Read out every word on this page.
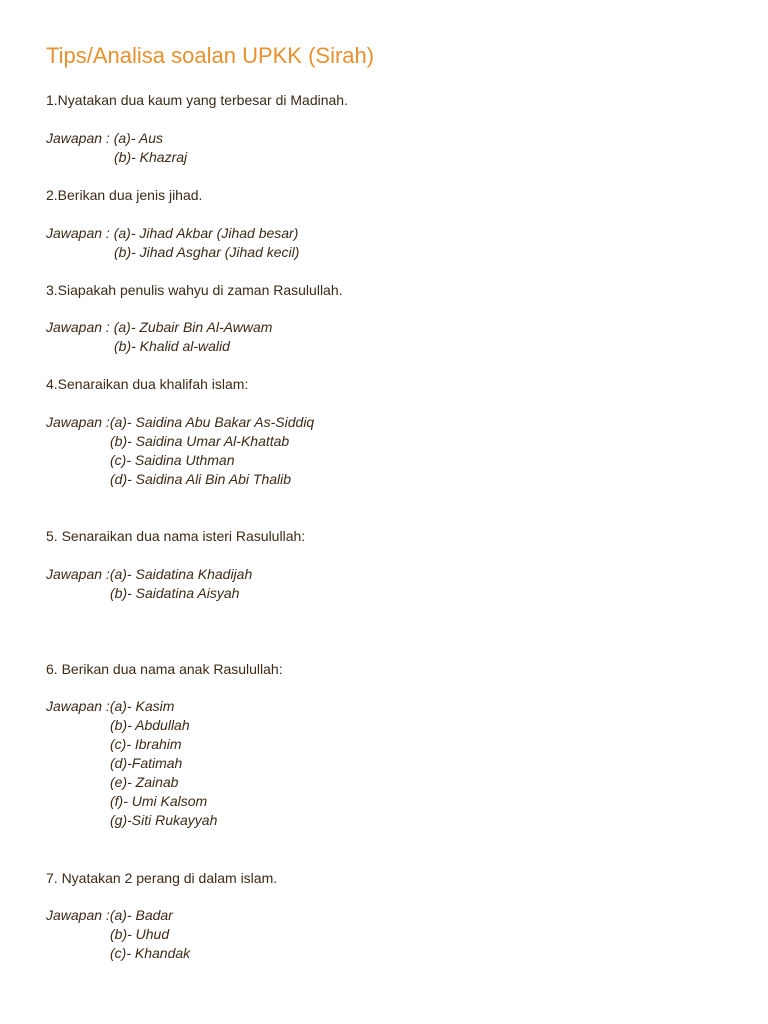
Tips/Analisa soalan UPKK (Sirah)
1.Nyatakan dua kaum yang terbesar di Madinah.
Jawapan : (a)- Aus
(b)- Khazraj
2.Berikan dua jenis jihad.
Jawapan : (a)- Jihad Akbar (Jihad besar)
(b)- Jihad Asghar (Jihad kecil)
3.Siapakah penulis wahyu di zaman Rasulullah.
Jawapan : (a)- Zubair Bin Al-Awwam
(b)- Khalid al-walid
4.Senaraikan dua khalifah islam:
Jawapan :(a)- Saidina Abu Bakar As-Siddiq
(b)- Saidina Umar Al-Khattab
(c)- Saidina Uthman
(d)- Saidina Ali Bin Abi Thalib
5. Senaraikan dua nama isteri Rasulullah:
Jawapan :(a)- Saidatina Khadijah
(b)- Saidatina Aisyah
6. Berikan dua nama anak Rasulullah:
Jawapan :(a)- Kasim
(b)- Abdullah
(c)- Ibrahim
(d)-Fatimah
(e)- Zainab
(f)- Umi Kalsom
(g)-Siti Rukayyah
7. Nyatakan 2 perang di dalam islam.
Jawapan :(a)- Badar
(b)- Uhud
(c)- Khandak
